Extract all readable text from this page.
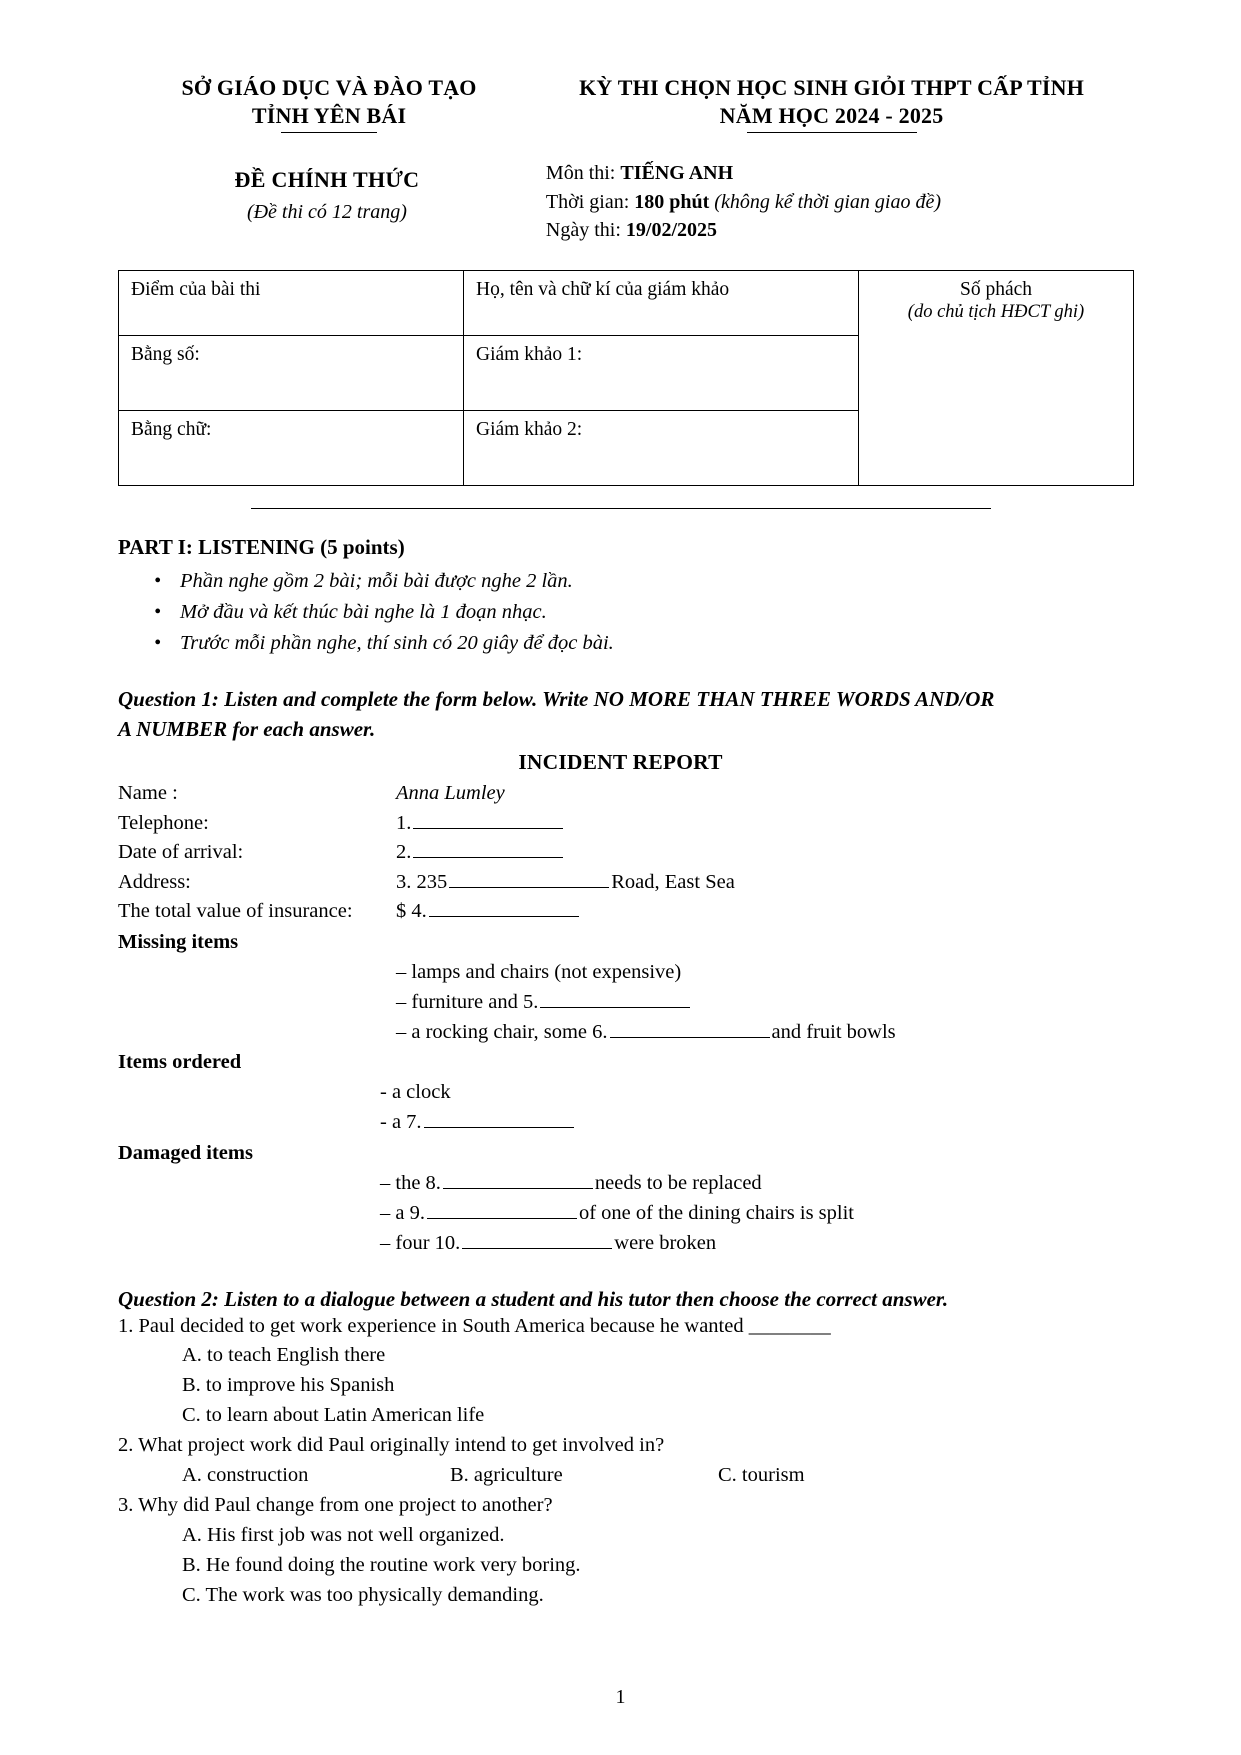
SỞ GIÁO DỤC VÀ ĐÀO TẠO
TỈNH YÊN BÁI
KỲ THI CHỌN HỌC SINH GIỎI THPT CẤP TỈNH
NĂM HỌC 2024 - 2025
ĐỀ CHÍNH THỨC
(Đề thi có 12 trang)
Môn thi: TIẾNG ANH
Thời gian: 180 phút (không kể thời gian giao đề)
Ngày thi: 19/02/2025
Điểm của bài thi	Họ, tên và chữ kí của giám khảo	Số phách
(do chủ tịch HĐCT ghi)

Bằng số:	Giám khảo 1:	
Bằng chữ:	Giám khảo 2:	
PART I: LISTENING (5 points)
• Phần nghe gồm 2 bài; mỗi bài được nghe 2 lần.
• Mở đầu và kết thúc bài nghe là 1 đoạn nhạc.
• Trước mỗi phần nghe, thí sinh có 20 giây để đọc bài.
Question 1: Listen and complete the form below. Write NO MORE THAN THREE WORDS AND/OR
A NUMBER for each answer.
INCIDENT REPORT
Name :	Anna Lumley
Telephone:	1.
Date of arrival:	2.
Address:	3. 235	Road, East Sea
The total value of insurance:	$ 4.
Missing items
– lamps and chairs (not expensive)
– furniture and 5.
– a rocking chair, some 6.	and fruit bowls
Items ordered
- a clock
- a 7.
Damaged items
– the 8.	needs to be replaced
– a 9.	of one of the dining chairs is split
– four 10.	were broken
Question 2: Listen to a dialogue between a student and his tutor then choose the correct answer.
1. Paul decided to get work experience in South America because he wanted ________
A. to teach English there
B. to improve his Spanish
C. to learn about Latin American life
2. What project work did Paul originally intend to get involved in?
A. construction	B. agriculture	C. tourism
3. Why did Paul change from one project to another?
A. His first job was not well organized.
B. He found doing the routine work very boring.
C. The work was too physically demanding.
1
